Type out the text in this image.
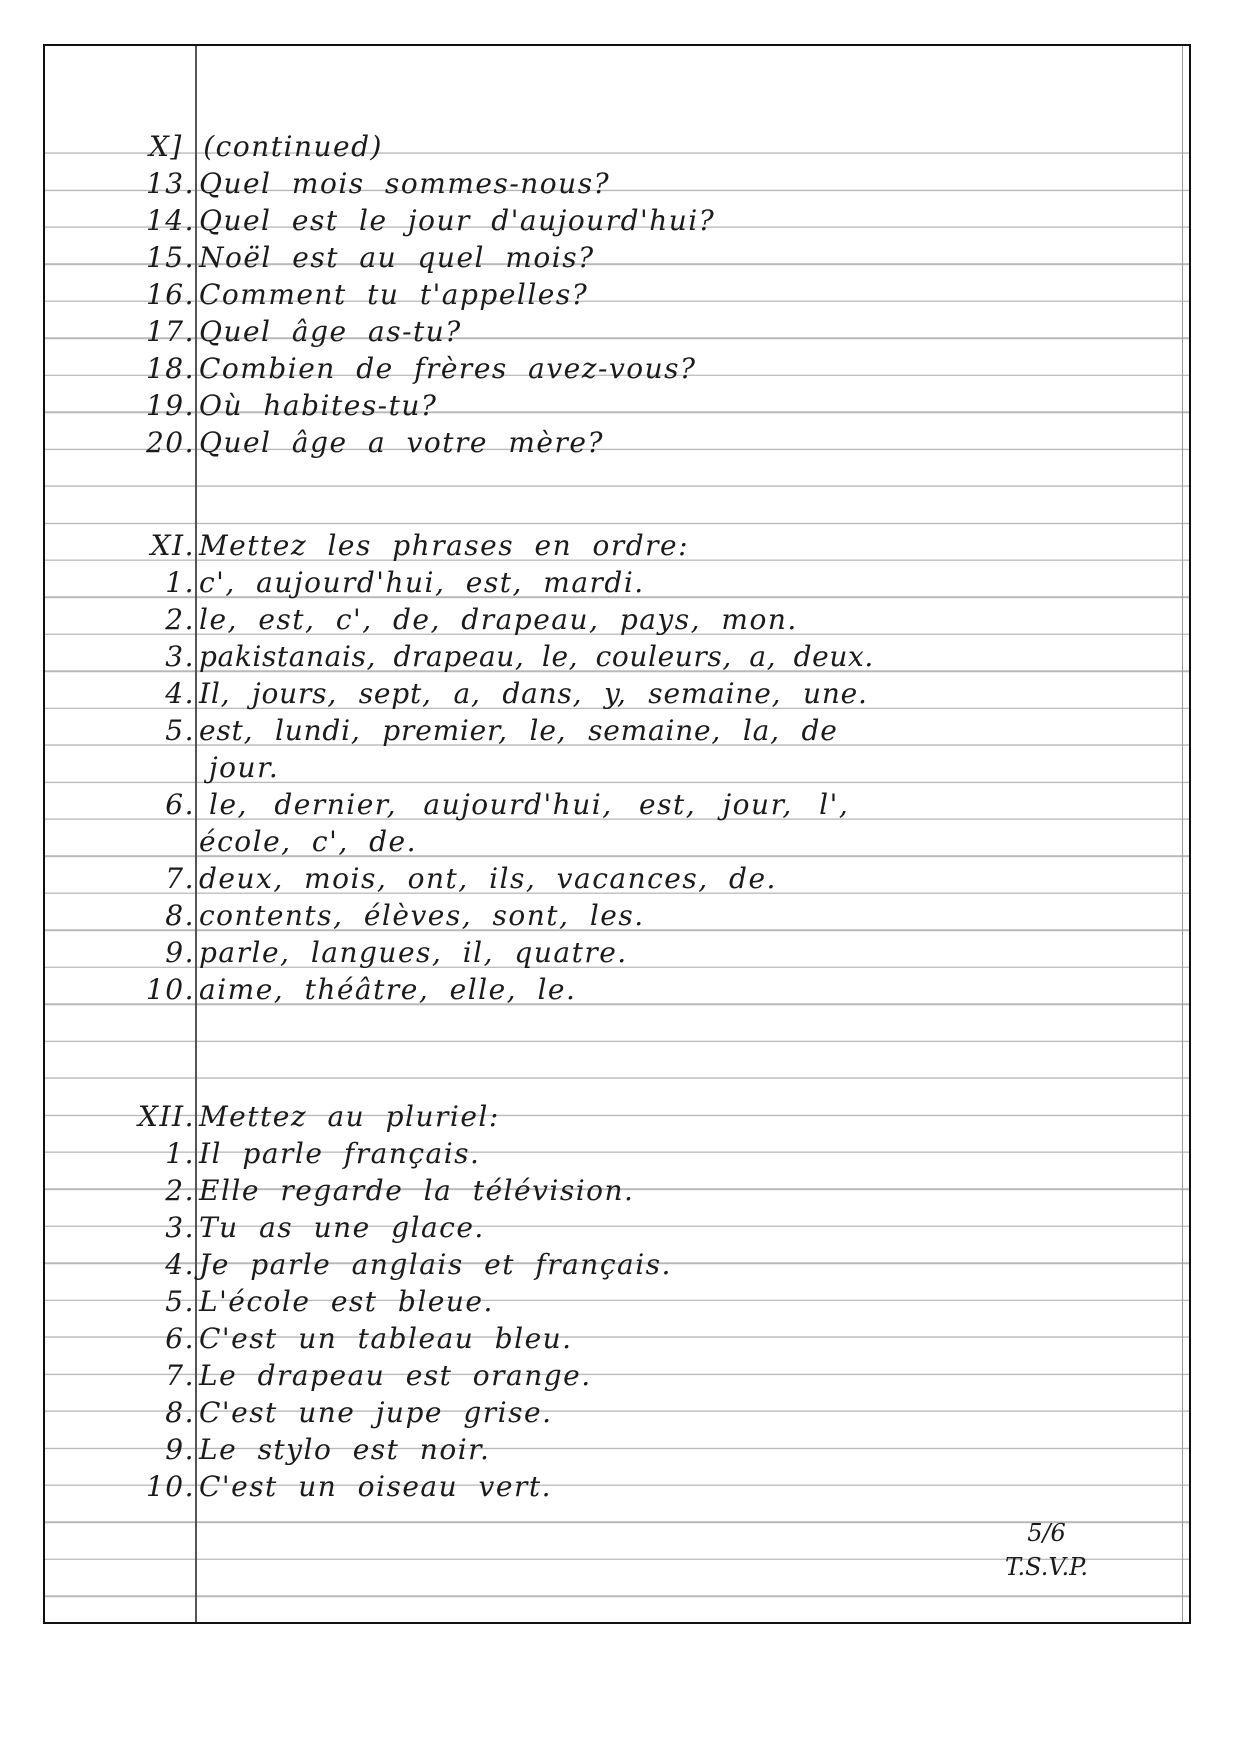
X] (continued)
13. Quel mois sommes-nous?
14. Quel est le jour d'aujourd'hui?
15. Noël est au quel mois?
16. Comment tu t'appelles?
17. Quel âge as-tu?
18. Combien de frères avez-vous?
19. Où habites-tu?
20. Quel âge a votre mère?
XI. Mettez les phrases en ordre:
1. c', aujourd'hui, est, mardi.
2. le, est, c', de, drapeau, pays, mon.
3. pakistanais, drapeau, le, couleurs, a, deux.
4. Il, jours, sept, a, dans, y, semaine, une.
5. est, lundi, premier, le, semaine, la, de
jour.
6. le, dernier, aujourd'hui, est, jour, l',
école, c', de.
7. deux, mois, ont, ils, vacances, de.
8. contents, élèves, sont, les.
9. parle, langues, il, quatre.
10. aime, théâtre, elle, le.
XII. Mettez au pluriel:
1. Il parle français.
2. Elle regarde la télévision.
3. Tu as une glace.
4. Je parle anglais et français.
5. L'école est bleue.
6. C'est un tableau bleu.
7. Le drapeau est orange.
8. C'est une jupe grise.
9. Le stylo est noir.
10. C'est un oiseau vert.
5/6
T.S.V.P.
